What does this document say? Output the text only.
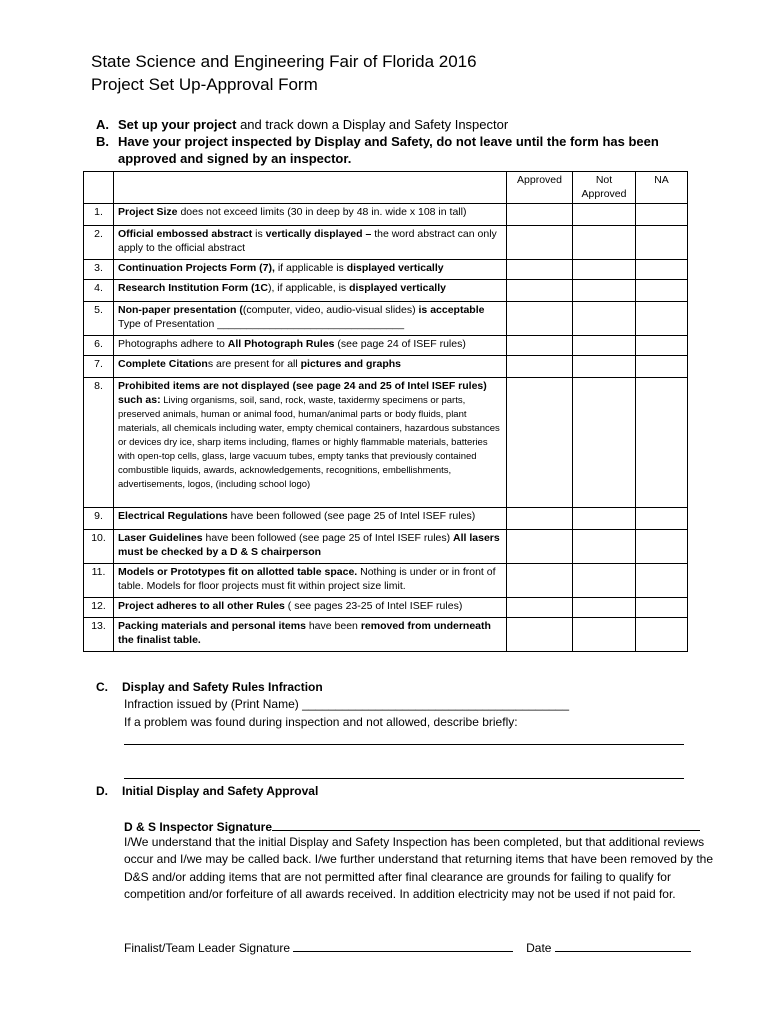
State Science and Engineering Fair of Florida 2016
Project Set Up-Approval Form
A. Set up your project and track down a Display and Safety Inspector
B. Have your project inspected by Display and Safety, do not leave until the form has been approved and signed by an inspector.
		Approved	Not Approved	NA
1.	Project Size does not exceed limits (30 in deep by 48 in. wide x 108 in tall)			
2.	Official embossed abstract is vertically displayed – the word abstract can only apply to the official abstract			
3.	Continuation Projects Form (7), if applicable is displayed vertically			
4.	Research Institution Form (1C), if applicable, is displayed vertically			
5.	Non-paper presentation ((computer, video, audio-visual slides) is acceptable Type of Presentation ________________________________			
6.	Photographs adhere to All Photograph Rules (see page 24 of ISEF rules)			
7.	Complete Citations are present for all pictures and graphs			
8.	Prohibited items are not displayed (see page 24 and 25 of Intel ISEF rules) such as: Living organisms, soil, sand, rock, waste, taxidermy specimens or parts, preserved animals, human or animal food, human/animal parts or body fluids, plant materials, all chemicals including water, empty chemical containers, hazardous substances or devices dry ice, sharp items including, flames or highly flammable materials, batteries with open-top cells, glass, large vacuum tubes, empty tanks that previously contained combustible liquids, awards, acknowledgements, recognitions, embellishments, advertisements, logos, (including school logo)			
9.	Electrical Regulations have been followed (see page 25 of Intel ISEF rules)			
10.	Laser Guidelines have been followed (see page 25 of Intel ISEF rules) All lasers must be checked by a D & S chairperson			
11.	Models or Prototypes fit on allotted table space. Nothing is under or in front of table. Models for floor projects must fit within project size limit.			
12.	Project adheres to all other Rules ( see pages 23-25 of Intel ISEF rules)			
13.	Packing materials and personal items have been removed from underneath the finalist table.			
C. Display and Safety Rules Infraction
Infraction issued by (Print Name) ________________________________________
If a problem was found during inspection and not allowed, describe briefly:
D. Initial Display and Safety Approval
D & S Inspector Signature
I/We understand that the initial Display and Safety Inspection has been completed, but that additional reviews occur and I/we may be called back. I/we further understand that returning items that have been removed by the D&S and/or adding items that are not permitted after final clearance are grounds for failing to qualify for competition and/or forfeiture of all awards received. In addition electricity may not be used if not paid for.
Finalist/Team Leader Signature	Date
